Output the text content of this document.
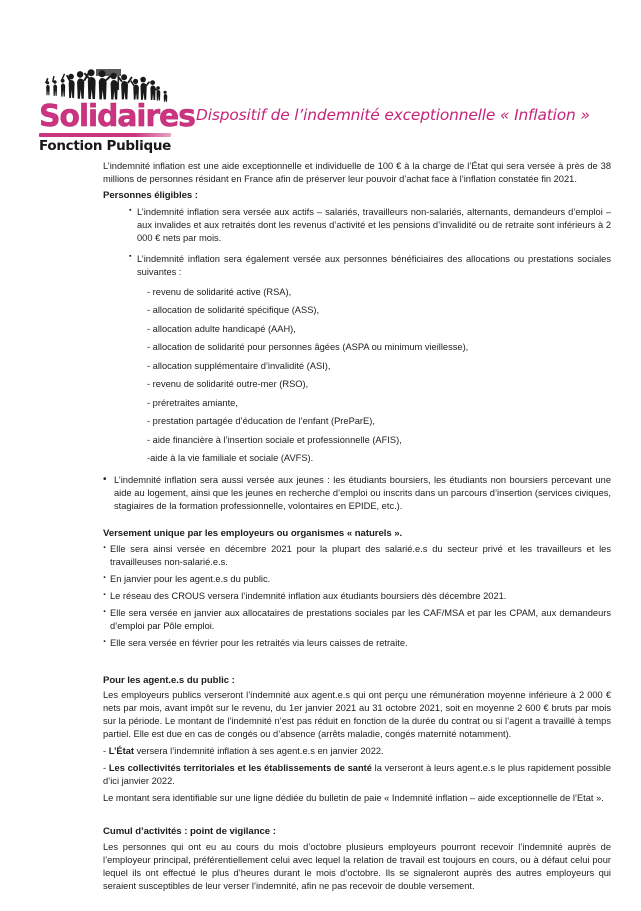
Solidaires
Fonction Publique
Dispositif de l’indemnité exceptionnelle « Inflation »

L’indemnité inflation est une aide exceptionnelle et individuelle de 100 € à la charge de l’État qui sera versée à près de 38 millions de personnes résidant en France afin de préserver leur pouvoir d’achat face à l’inflation constatée fin 2021.

Personnes éligibles :

▪ L’indemnité inflation sera versée aux actifs – salariés, travailleurs non-salariés, alternants, demandeurs d’emploi – aux invalides et aux retraités dont les revenus d’activité et les pensions d’invalidité ou de retraite sont inférieurs à 2 000 € nets par mois.

▪ L’indemnité inflation sera également versée aux personnes bénéficiaires des allocations ou prestations sociales suivantes :

- revenu de solidarité active (RSA),

- allocation de solidarité spécifique (ASS),

- allocation adulte handicapé (AAH),

- allocation de solidarité pour personnes âgées (ASPA ou minimum vieillesse),

- allocation supplémentaire d’invalidité (ASI),

- revenu de solidarité outre-mer (RSO),

- préretraites amiante,

- prestation partagée d’éducation de l’enfant (PreParE),

- aide financière à l’insertion sociale et professionnelle (AFIS),

-aide à la vie familiale et sociale (AVFS).

• L’indemnité inflation sera aussi versée aux jeunes : les étudiants boursiers, les étudiants non boursiers percevant une aide au logement, ainsi que les jeunes en recherche d’emploi ou inscrits dans un parcours d’insertion (services civiques, stagiaires de la formation professionnelle, volontaires en EPIDE, etc.).

Versement unique par les employeurs ou organismes « naturels ».

· Elle sera ainsi versée en décembre 2021 pour la plupart des salarié.e.s du secteur privé et les travailleurs et les travailleuses non-salarié.e.s.

· En janvier pour les agent.e.s du public.

· Le réseau des CROUS versera l’indemnité inflation aux étudiants boursiers dès décembre 2021.

· Elle sera versée en janvier aux allocataires de prestations sociales par les CAF/MSA et par les CPAM, aux demandeurs d’emploi par Pôle emploi.

· Elle sera versée en février pour les retraités via leurs caisses de retraite.

Pour les agent.e.s du public :

Les employeurs publics verseront l’indemnité aux agent.e.s qui ont perçu une rémunération moyenne inférieure à 2 000 € nets par mois, avant impôt sur le revenu, du 1er janvier 2021 au 31 octobre 2021, soit en moyenne 2 600 € bruts par mois sur la période. Le montant de l’indemnité n’est pas réduit en fonction de la durée du contrat ou si l’agent a travaillé à temps partiel. Elle est due en cas de congés ou d’absence (arrêts maladie, congés maternité notamment).

- L’État versera l’indemnité inflation à ses agent.e.s en janvier 2022.

- Les collectivités territoriales et les établissements de santé la verseront à leurs agent.e.s le plus rapidement possible d’ici janvier 2022.

Le montant sera identifiable sur une ligne dédiée du bulletin de paie « Indemnité inflation – aide exceptionnelle de l’Etat ».

Cumul d’activités : point de vigilance :

Les personnes qui ont eu au cours du mois d’octobre plusieurs employeurs pourront recevoir l’indemnité auprès de l’employeur principal, préférentiellement celui avec lequel la relation de travail est toujours en cours, ou à défaut celui pour lequel ils ont effectué le plus d’heures durant le mois d’octobre. Ils se signaleront auprès des autres employeurs qui seraient susceptibles de leur verser l’indemnité, afin ne pas recevoir de double versement.
